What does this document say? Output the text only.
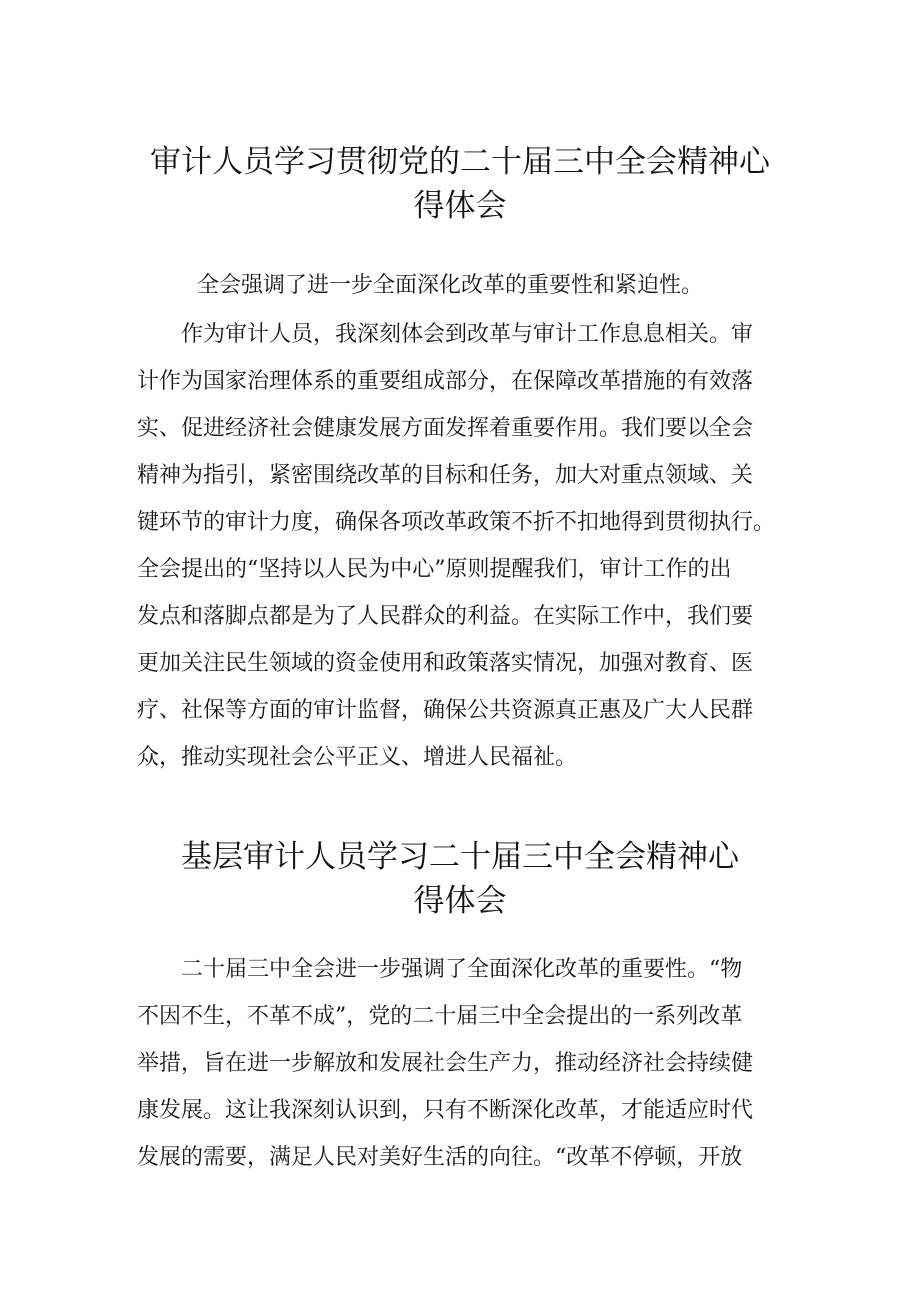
审计人员学习贯彻党的二十届三中全会精神心
得体会
全会强调了进一步全面深化改革的重要性和紧迫性。
作为审计人员，我深刻体会到改革与审计工作息息相关。审
计作为国家治理体系的重要组成部分，在保障改革措施的有效落
实、促进经济社会健康发展方面发挥着重要作用。我们要以全会
精神为指引，紧密围绕改革的目标和任务，加大对重点领域、关
键环节的审计力度，确保各项改革政策不折不扣地得到贯彻执行。
全会提出的“坚持以人民为中心”原则提醒我们，审计工作的出
发点和落脚点都是为了人民群众的利益。在实际工作中，我们要
更加关注民生领域的资金使用和政策落实情况，加强对教育、医
疗、社保等方面的审计监督，确保公共资源真正惠及广大人民群
众，推动实现社会公平正义、增进人民福祉。
基层审计人员学习二十届三中全会精神心
得体会
二十届三中全会进一步强调了全面深化改革的重要性。“物
不因不生，不革不成”，党的二十届三中全会提出的一系列改革
举措，旨在进一步解放和发展社会生产力，推动经济社会持续健
康发展。这让我深刻认识到，只有不断深化改革，才能适应时代
发展的需要，满足人民对美好生活的向往。“改革不停顿，开放
